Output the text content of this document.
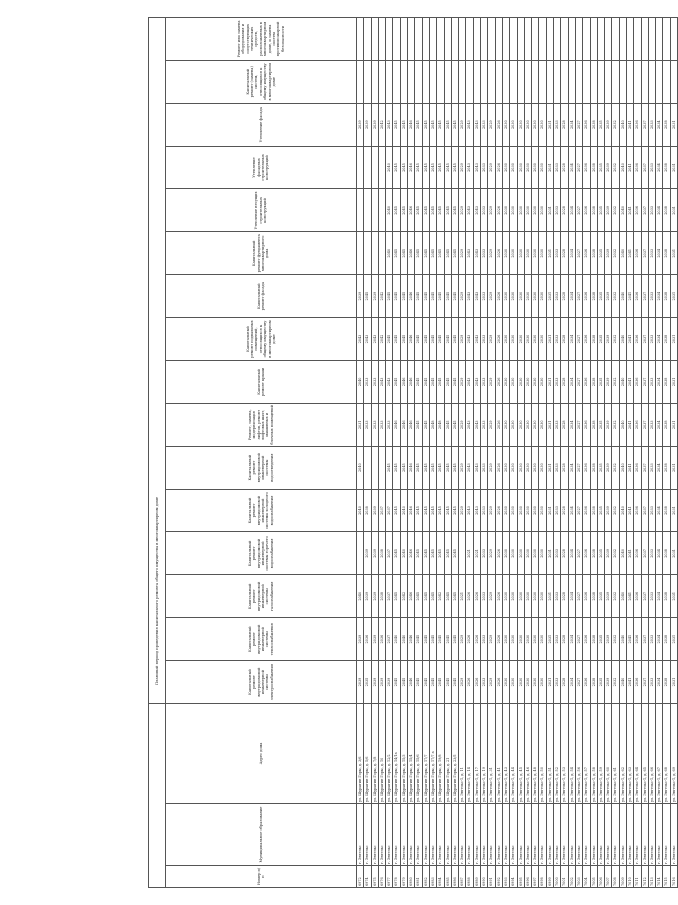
			Плановый период проведения капитального ремонта общего имущества в многоквартирном доме															
Номер п/п	Муниципальное образование	Адрес дома	Капитальный ремонт внутридомовой инженерной системы электроснабжения	Капитальный ремонт внутридомовой инженерной системы теплоснабжения	Капитальный ремонт внутридомовой инженерной системы газоснабжения	Капитальный ремонт внутридомовой инженерной системы горячего водоснабжения	Капитальный ремонт внутридомовой инженерной системы холодного водоснабжения	Капитальный ремонт внутридомовой инженерной системы водоотведения	Ремонт, замена, модернизация лифтов, ремонт лифтовых шахт, машинных и блочных помещений	Капитальный ремонт крыши	Капитальный ремонт подвальных помещений, относящихся к общему имуществу в многоквартирном доме	Капитальный ремонт фасада	Капитальный ремонт фундамента многоквартирного дома	Утепление несущих строительных конструкций	Утепление фасадных строительных конструкций	Утепление фасада	Капитальный ремонт (замена) систем, относящихся к общему имуществу в многоквартирном доме	Ремонт или замена оборудования и сопутствующих технических средств, расположенных в многоквартирном доме, и замена систем противопожарной безопасности
6972	г. Энгельс	ул. Шурыгин Горы, д. 3/6	2039	2039	2040		2040	2040	2031	2040	2043	2039				2039		
6974	г. Энгельс	ул. Шурыгин Горы, д. 5/6	2035	2036	2039	2039	2038		2033	2033	2043	2045				2039		
6975	г. Энгельс	ул. Шурыгин Горы, д. 7/8	2039	2039	2039	2039	2039		2033	2033	2043	2039				2039		
6976	г. Энгельс	ул. Шурыгин Горы, д. 10	2039	2036	2038	2038	2037		2033	2043	2042	2042				2042		
6977	г. Энгельс	ул. Шурыгин Горы, д. 12/2	2039	2037	2037	2037	2037	2045	2033	2043	2045	2045	2040	2040	2040	2043		
6978	г. Энгельс	ул. Шурыгин Горы, д. 14/1а	2045	2040	2045	2045	2045	2045	2046	2045	2045	2045	2045	2045	2045	2045		
6979	г. Энгельс	ул. Шурыгин Горы, д. 15/3	2045	2040	2042	2040	2040	2045	2046	2046	2045	2045	2045	2045	2045	2045		
6980	г. Энгельс	ул. Шурыгин Горы, д. 15/4	2046	2046	2046	2046	2046	2046	2046	2046	2046	2046	2046	2046	2046	2046		
6981	г. Энгельс	ул. Шурыгин Горы, д. 15/6	2045	2045	2045	2045	2045	2045	2045	2045	2045	2045	2045	2045	2045	2045		
6982	г. Энгельс	ул. Шурыгин Горы, д. 17/7	2045	2045	2045	2045	2045	2045	2045	2045	2045	2045	2045	2045	2045	2045		
6983	г. Энгельс	ул. Шурыгин Горы, д. 17/7 а	2045	2045	2045	2045	2045	2045	2048	2045	2045	2045	2045	2045	2045	2045		
6984	г. Энгельс	ул. Шурыгин Горы, д. 19/8	2045	2045	2042	2045	2045	2045	2048	2045	2045	2045	2045	2045	2045	2045		
6985	г. Энгельс	ул. Шурыгин Горы, д. 21	2045	2045	2045	2045	2045	2045	2045	2045	2045	2045	2045	2045	2045	2045		
6986	г. Энгельс	ул. Шурыгин Горы, д. 23/5	2045	2045	2045	2045	2045	2045	2045	2045	2045	2045	2045	2045	2045	2045		
6987	г. Энгельс	ул. Энгельс-1, д. 11	2029	2029	2021		2029	2029	2029	2029	2029	2029	2029	2029	2029	2029		
6988	г. Энгельс	ул. Энгельс-1, д. 14	2026	2026	2026	2021	2043	2043	2043	2043	2043	2043	2043	2043	2043	2043		
6989	г. Энгельс	ул. Энгельс-1, д. 17	2026	2026	2026	2021	2043	2043	2043	2043	2043	2043	2043	2043	2043	2043		
6990	г. Энгельс	ул. Энгельс-1, д. 19	2033	2033	2033	2033	2033	2033	2033	2033	2033	2033	2033	2033	2033	2033		
6991	г. Энгельс	ул. Энгельс-1, д. 31	2029	2029	2029	2029	2029	2029	2029	2029	2029	2029	2029	2029	2029	2029		
6992	г. Энгельс	ул. Энгельс-1, д. 41	2026	2026	2026	2026	2026	2026	2026	2026	2026	2026	2026	2026	2026	2026		
6993	г. Энгельс	ул. Энгельс-1, д. 43	2030	2030	2030	2030	2030	2030	2030	2030	2030	2030	2030	2030	2030	2030		
6994	г. Энгельс	ул. Энгельс-1, д. 44	2030	2030	2030	2030	2030	2030	2030	2030	2030	2030	2030	2030	2030	2030		
6995	г. Энгельс	ул. Энгельс-1, д. 45	2030	2030	2030	2030	2030	2030	2030	2030	2030	2030	2030	2030	2030	2030		
6996	г. Энгельс	ул. Энгельс-1, д. 46	2030	2030	2030	2030	2030	2030	2030	2030	2030	2030	2030	2030	2030	2030		
6997	г. Энгельс	ул. Энгельс-1, д. 48	2030	2030	2030	2030	2030	2030	2030	2030	2030	2030	2030	2030	2030	2030		
6998	г. Энгельс	ул. Энгельс-1, д. 50	2030	2030	2030	2030	2030	2030	2030	2030	2030	2030	2030	2030	2030	2030		
6999	г. Энгельс	ул. Энгельс-1, д. 51	2031	2031	2031	2031	2031	2031	2031	2031	2031	2031	2031	2031	2031	2031		
7000	г. Энгельс	ул. Энгельс-1, д. 52	2033	2033	2033	2033	2033	2033	2033	2033	2033	2033	2033	2033	2033	2033		
7001	г. Энгельс	ул. Энгельс-1, д. 53	2028	2028	2028	2028	2028	2028	2028	2028	2028	2028	2028	2028	2028	2028		
7002	г. Энгельс	ул. Энгельс-1, д. 54	2034	2034	2034	2034	2034	2034	2034	2034	2034	2034	2034	2034	2034	2034		
7003	г. Энгельс	ул. Энгельс-1, д. 56	2027	2027	2027	2027	2027	2027	2027	2027	2027	2027	2027	2027	2027	2027		
7004	г. Энгельс	ул. Энгельс-1, д. 57	2036	2036	2036	2036	2036	2036	2036	2036	2036	2036	2036	2036	2036	2036		
7005	г. Энгельс	ул. Энгельс-1, д. 58	2038	2038	2038	2038	2038	2038	2038	2038	2038	2038	2038	2038	2038	2038		
7006	г. Энгельс	ул. Энгельс-1, д. 59	2035	2035	2035	2035	2035	2035	2035	2035	2035	2035	2035	2035	2035	2035		
7007	г. Энгельс	ул. Энгельс-1, д. 60	2039	2039	2039	2039	2039	2039	2039	2039	2039	2039	2039	2039	2039	2039		
7008	г. Энгельс	ул. Энгельс-1, д. 61	2032	2032	2032	2032	2032	2032	2032	2032	2032	2032	2032	2032	2032	2032		
7009	г. Энгельс	ул. Энгельс-1, д. 62	2040	2040	2040	2040	2040	2040	2040	2040	2040	2040	2040	2040	2040	2040		
7010	г. Энгельс	ул. Энгельс-1, д. 63	2041	2041	2041	2041	2041	2041	2041	2041	2041	2041	2041	2041	2041	2041		
7011	г. Энгельс	ул. Энгельс-1, д. 64	2036	2036	2036	2036	2036	2036	2036	2036	2036	2036	2036	2036	2036	2036		
7012	г. Энгельс	ул. Энгельс-1, д. 65	2037	2037	2037	2037	2037	2037	2037	2037	2037	2037	2037	2037	2037	2037		
7013	г. Энгельс	ул. Энгельс-1, д. 66	2033	2033	2033	2033	2033	2033	2033	2033	2033	2033	2033	2033	2033	2033		
7014	г. Энгельс	ул. Энгельс-1, д. 67	2034	2034	2034	2034	2034	2034	2034	2034	2034	2034	2034	2034	2034	2034		
7015	г. Энгельс	ул. Энгельс-1, д. 68	2038	2038	2038	2038	2038	2038	2038	2038	2038	2038	2038	2038	2038	2038		
7016	г. Энгельс	ул. Энгельс-1, д. 69	2031	2031	2031	2031	2031	2031	2031	2031	2031	2031	2031	2031	2031	2031		
